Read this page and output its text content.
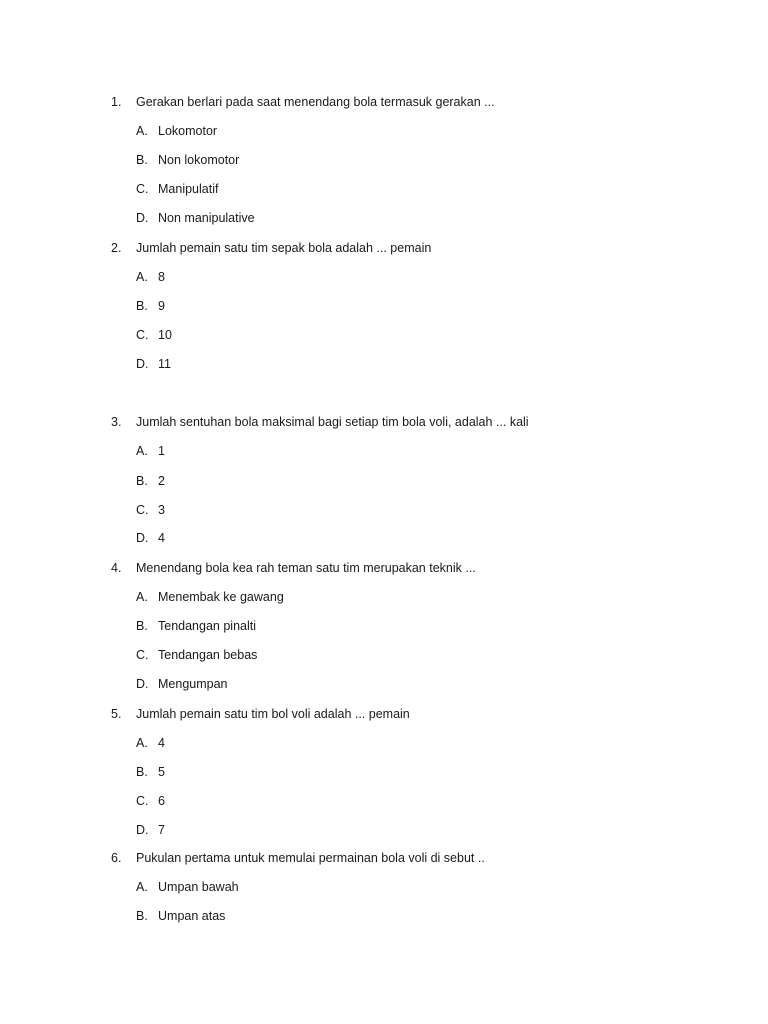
1. Gerakan berlari pada saat menendang bola termasuk gerakan ...
A. Lokomotor
B. Non lokomotor
C. Manipulatif
D. Non manipulative
2. Jumlah pemain satu tim sepak bola adalah ... pemain
A. 8
B. 9
C. 10
D. 11
3. Jumlah sentuhan bola maksimal bagi setiap tim bola voli, adalah ... kali
A. 1
B. 2
C. 3
D. 4
4. Menendang bola kea rah teman satu tim merupakan teknik ...
A. Menembak ke gawang
B. Tendangan pinalti
C. Tendangan bebas
D. Mengumpan
5. Jumlah pemain satu tim bol voli adalah ... pemain
A. 4
B. 5
C. 6
D. 7
6. Pukulan pertama untuk memulai permainan bola voli di sebut ..
A. Umpan bawah
B. Umpan atas
